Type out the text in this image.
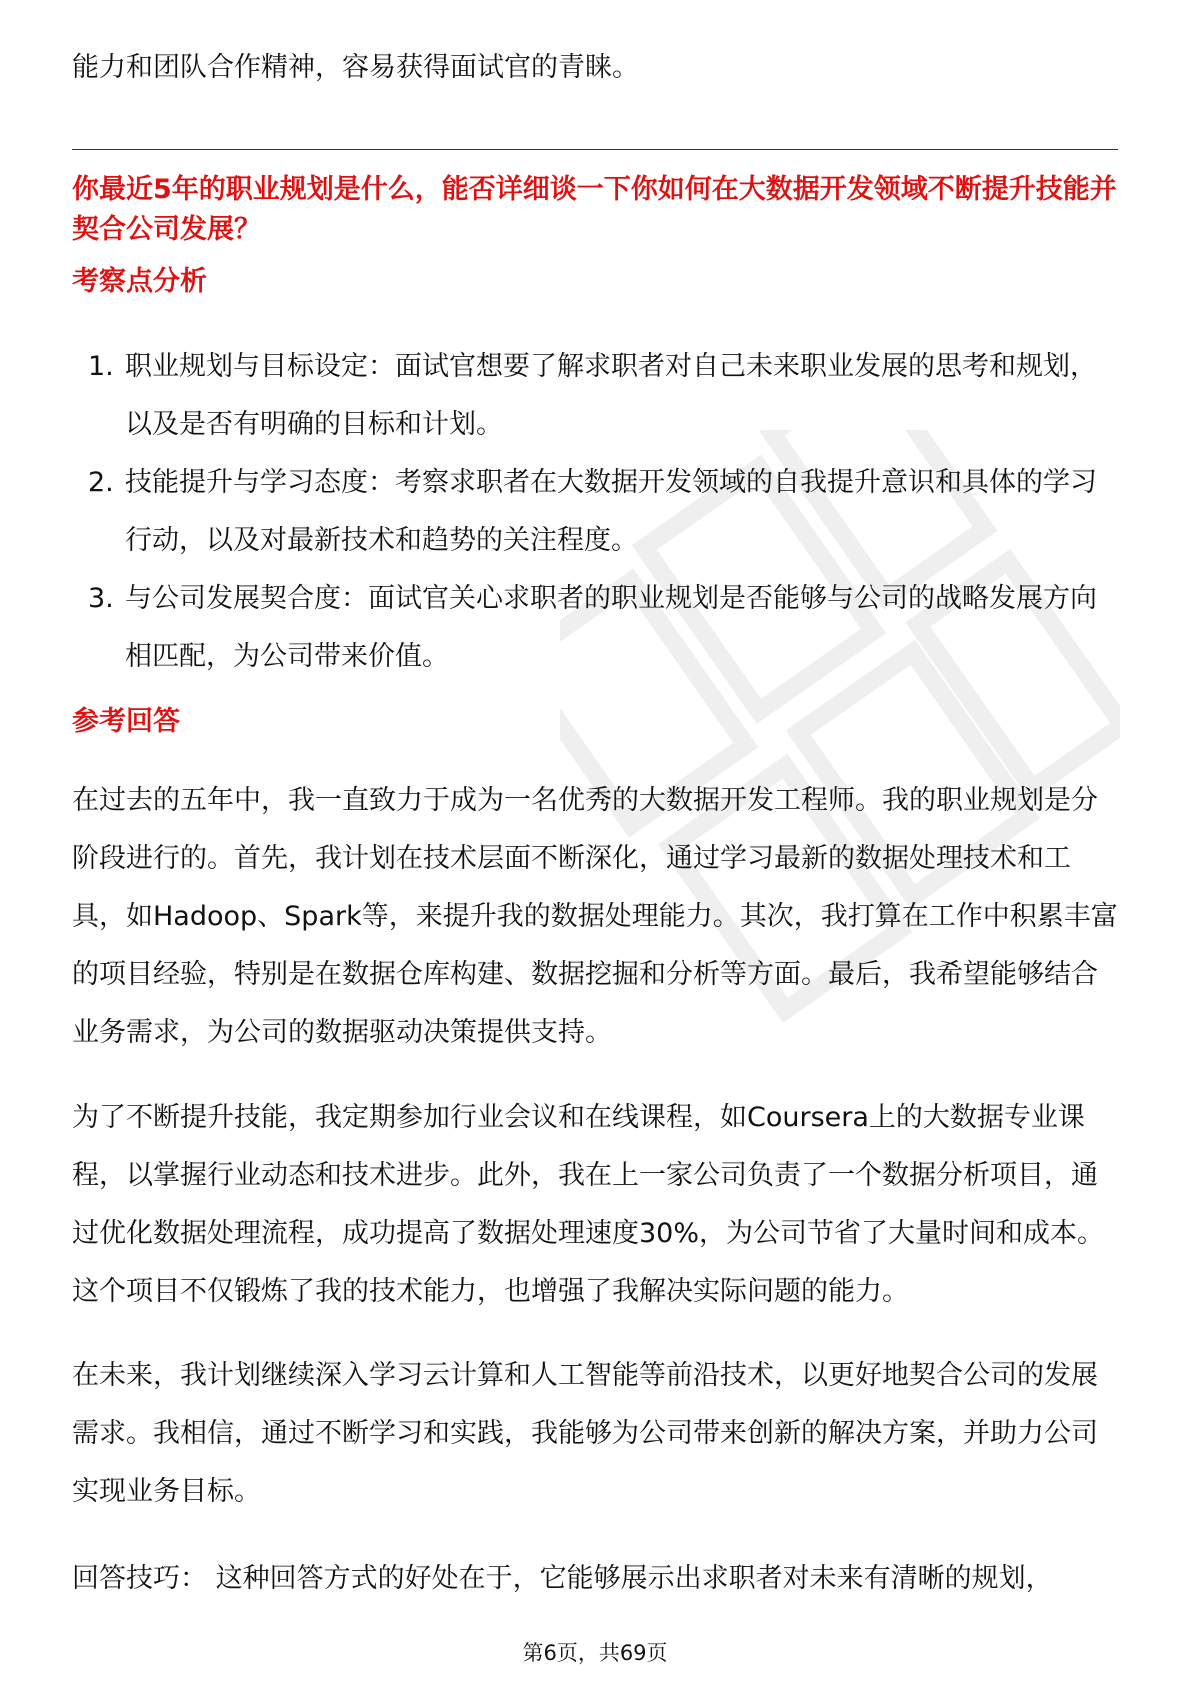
能力和团队合作精神，容易获得面试官的青睐。

你最近5年的职业规划是什么，能否详细谈一下你如何在大数据开发领域不断提升技能并契合公司发展？

考察点分析

1. 职业规划与目标设定：面试官想要了解求职者对自己未来职业发展的思考和规划，以及是否有明确的目标和计划。
2. 技能提升与学习态度：考察求职者在大数据开发领域的自我提升意识和具体的学习行动，以及对最新技术和趋势的关注程度。
3. 与公司发展契合度：面试官关心求职者的职业规划是否能够与公司的战略发展方向相匹配，为公司带来价值。

参考回答

在过去的五年中，我一直致力于成为一名优秀的大数据开发工程师。我的职业规划是分阶段进行的。首先，我计划在技术层面不断深化，通过学习最新的数据处理技术和工具，如Hadoop、Spark等，来提升我的数据处理能力。其次，我打算在工作中积累丰富的项目经验，特别是在数据仓库构建、数据挖掘和分析等方面。最后，我希望能够结合业务需求，为公司的数据驱动决策提供支持。

为了不断提升技能，我定期参加行业会议和在线课程，如Coursera上的大数据专业课程，以掌握行业动态和技术进步。此外，我在上一家公司负责了一个数据分析项目，通过优化数据处理流程，成功提高了数据处理速度30%，为公司节省了大量时间和成本。这个项目不仅锻炼了我的技术能力，也增强了我解决实际问题的能力。

在未来，我计划继续深入学习云计算和人工智能等前沿技术，以更好地契合公司的发展需求。我相信，通过不断学习和实践，我能够为公司带来创新的解决方案，并助力公司实现业务目标。

回答技巧： 这种回答方式的好处在于，它能够展示出求职者对未来有清晰的规划，

第6页，共69页
